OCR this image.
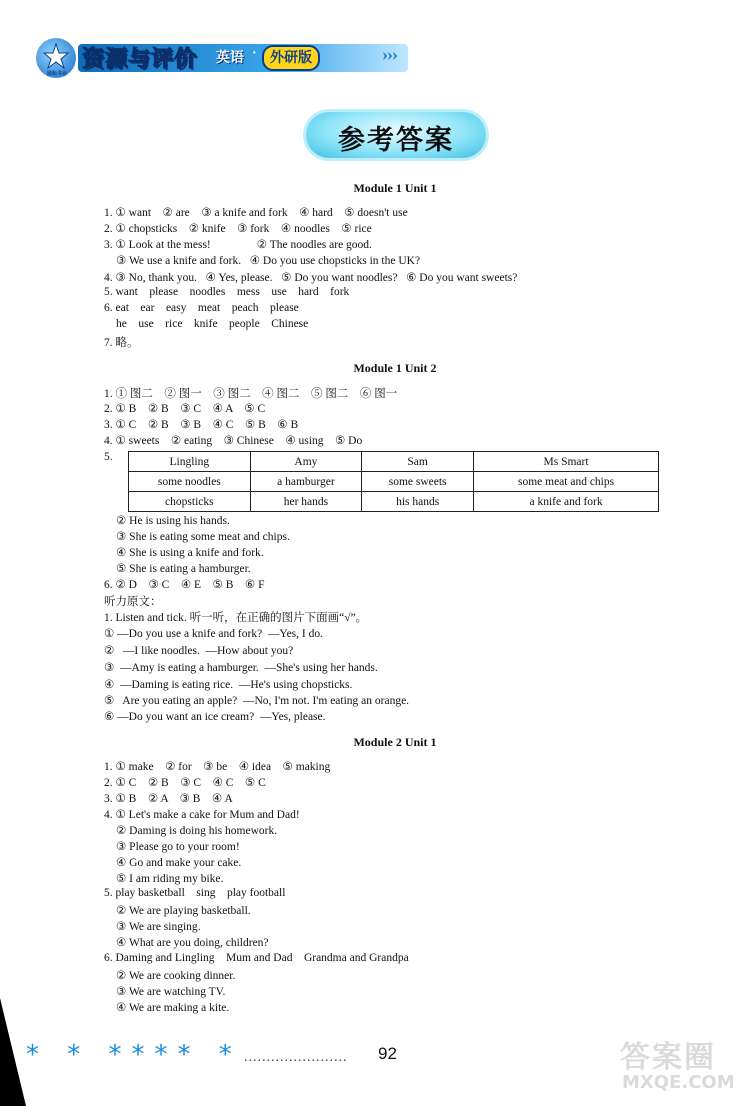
励耘书业
资源与评价 英语 · 外研版	›››
参考答案
Module 1 Unit 1
Module 1 Unit 2
Module 2 Unit 1
1. ① want    ② are    ③ a knife and fork    ④ hard    ⑤ doesn't use
2. ① chopsticks    ② knife    ③ fork    ④ noodles    ⑤ rice
3. ① Look at the mess!                ② The noodles are good.
③ We use a knife and fork.   ④ Do you use chopsticks in the UK?
4. ③ No, thank you.   ④ Yes, please.   ⑤ Do you want noodles?   ⑥ Do you want sweets?
5. want    please    noodles    mess    use    hard    fork
6. eat    ear    easy    meat    peach    please
he    use    rice    knife    people    Chinese
7. 略。
1. ① 图二    ② 图一    ③ 图二    ④ 图二    ⑤ 图二    ⑥ 图一
2. ① B    ② B    ③ C    ④ A    ⑤ C
3. ① C    ② B    ③ B    ④ C    ⑤ B    ⑥ B
4. ① sweets    ② eating    ③ Chinese    ④ using    ⑤ Do
5.
② He is using his hands.
③ She is eating some meat and chips.
④ She is using a knife and fork.
⑤ She is eating a hamburger.
6. ② D    ③ C    ④ E    ⑤ B    ⑥ F
听力原文：
1. Listen and tick. 听一听，在正确的图片下面画“√”。
① —Do you use a knife and fork?  —Yes, I do.
②   —I like noodles.  —How about you?
③  —Amy is eating a hamburger.  —She's using her hands.
④  —Daming is eating rice.  —He's using chopsticks.
⑤   Are you eating an apple?  —No, I'm not. I'm eating an orange.
⑥ —Do you want an ice cream?  —Yes, please.
1. ① make    ② for    ③ be    ④ idea    ⑤ making
2. ① C    ② B    ③ C    ④ C    ⑤ C
3. ① B    ② A    ③ B    ④ A
4. ① Let's make a cake for Mum and Dad!
② Daming is doing his homework.
③ Please go to your room!
④ Go and make your cake.
⑤ I am riding my bike.
5. play basketball    sing    play football
② We are playing basketball.
③ We are singing.
④ What are you doing, children?
6. Daming and Lingling    Mum and Dad    Grandma and Grandpa
② We are cooking dinner.
③ We are watching TV.
④ We are making a kite.
Lingling	Amy	Sam	Ms Smart
some noodles	a hamburger	some sweets	some meat and chips
chopsticks	her hands	his hands	a knife and fork
* * **** * ....................... 92	答案圈
MXQE.COM
